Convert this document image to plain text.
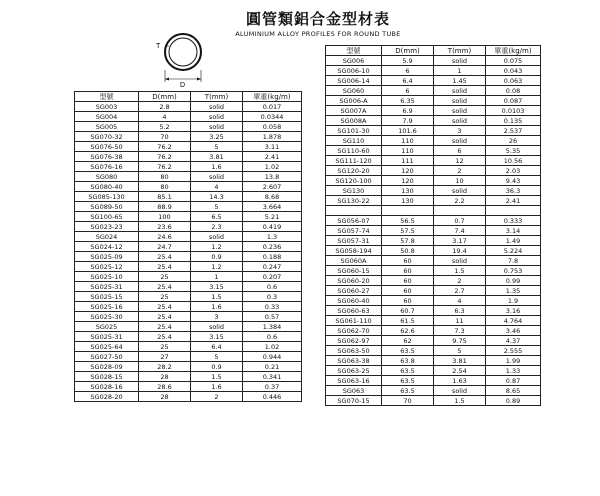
圓管類鋁合金型材表
ALUMINIUM ALLOY PROFILES FOR ROUND TUBE
T
D
型號	D(mm)	T(mm)	單重(kg/m)
SG003	2.8	solid	0.017
SG004	4	solid	0.0344
SG005	5.2	solid	0.058
SG070-32	70	3.25	1.878
SG076-50	76.2	5	3.11
SG076-38	76.2	3.81	2.41
SG076-16	76.2	1.6	1.02
SG080	80	solid	13.8
SG080-40	80	4	2.607
SG085-130	85.1	14.3	8.68
SG089-50	88.9	5	3.664
SG100-65	100	6.5	5.21
SG023-23	23.6	2.3	0.419
SG024	24.6	solid	1.3
SG024-12	24.7	1.2	0.236
SG025-09	25.4	0.9	0.188
SG025-12	25.4	1.2	0.247
SG025-10	25	1	0.207
SG025-31	25.4	3.15	0.6
SG025-15	25	1.5	0.3
SG025-16	25.4	1.6	0.33
SG025-30	25.4	3	0.57
SG025	25.4	solid	1.384
SG025-31	25.4	3.15	0.6
SG025-64	25	6.4	1.02
SG027-50	27	5	0.944
SG028-09	28.2	0.9	0.21
SG028-15	28	1.5	0.341
SG028-16	28.6	1.6	0.37
SG028-20	28	2	0.446
型號	D(mm)	T(mm)	單重(kg/m)
SG006	5.9	solid	0.075
SG006-10	6	1	0.043
SG006-14	6.4	1.45	0.063
SG060	6	solid	0.08
SG006-A	6.35	solid	0.087
SG007A	6.9	solid	0.0103
SG008A	7.9	solid	0.135
SG101-30	101.6	3	2.537
SG110	110	solid	26
SG110-60	110	6	5.35
SG111-120	111	12	10.56
SG120-20	120	2	2.03
SG120-100	120	10	9.43
SG130	130	solid	36.3
SG130-22	130	2.2	2.41

SG056-07	56.5	0.7	0.333
SG057-74	57.5	7.4	3.14
SG057-31	57.8	3.17	1.49
SG058-194	50.8	19.4	5.224
SG060A	60	solid	7.8
SG060-15	60	1.5	0.753
SG060-20	60	2	0.99
SG060-27	60	2.7	1.35
SG060-40	60	4	1.9
SG060-63	60.7	6.3	3.16
SG061-110	61.5	11	4.764
SG062-70	62.6	7.3	3.46
SG062-97	62	9.75	4.37
SG063-50	63.5	5	2.555
SG063-38	63.8	3.81	1.99
SG063-25	63.5	2.54	1.33
SG063-16	63.5	1.63	0.87
SG063	63.5	solid	8.65
SG070-15	70	1.5	0.89
